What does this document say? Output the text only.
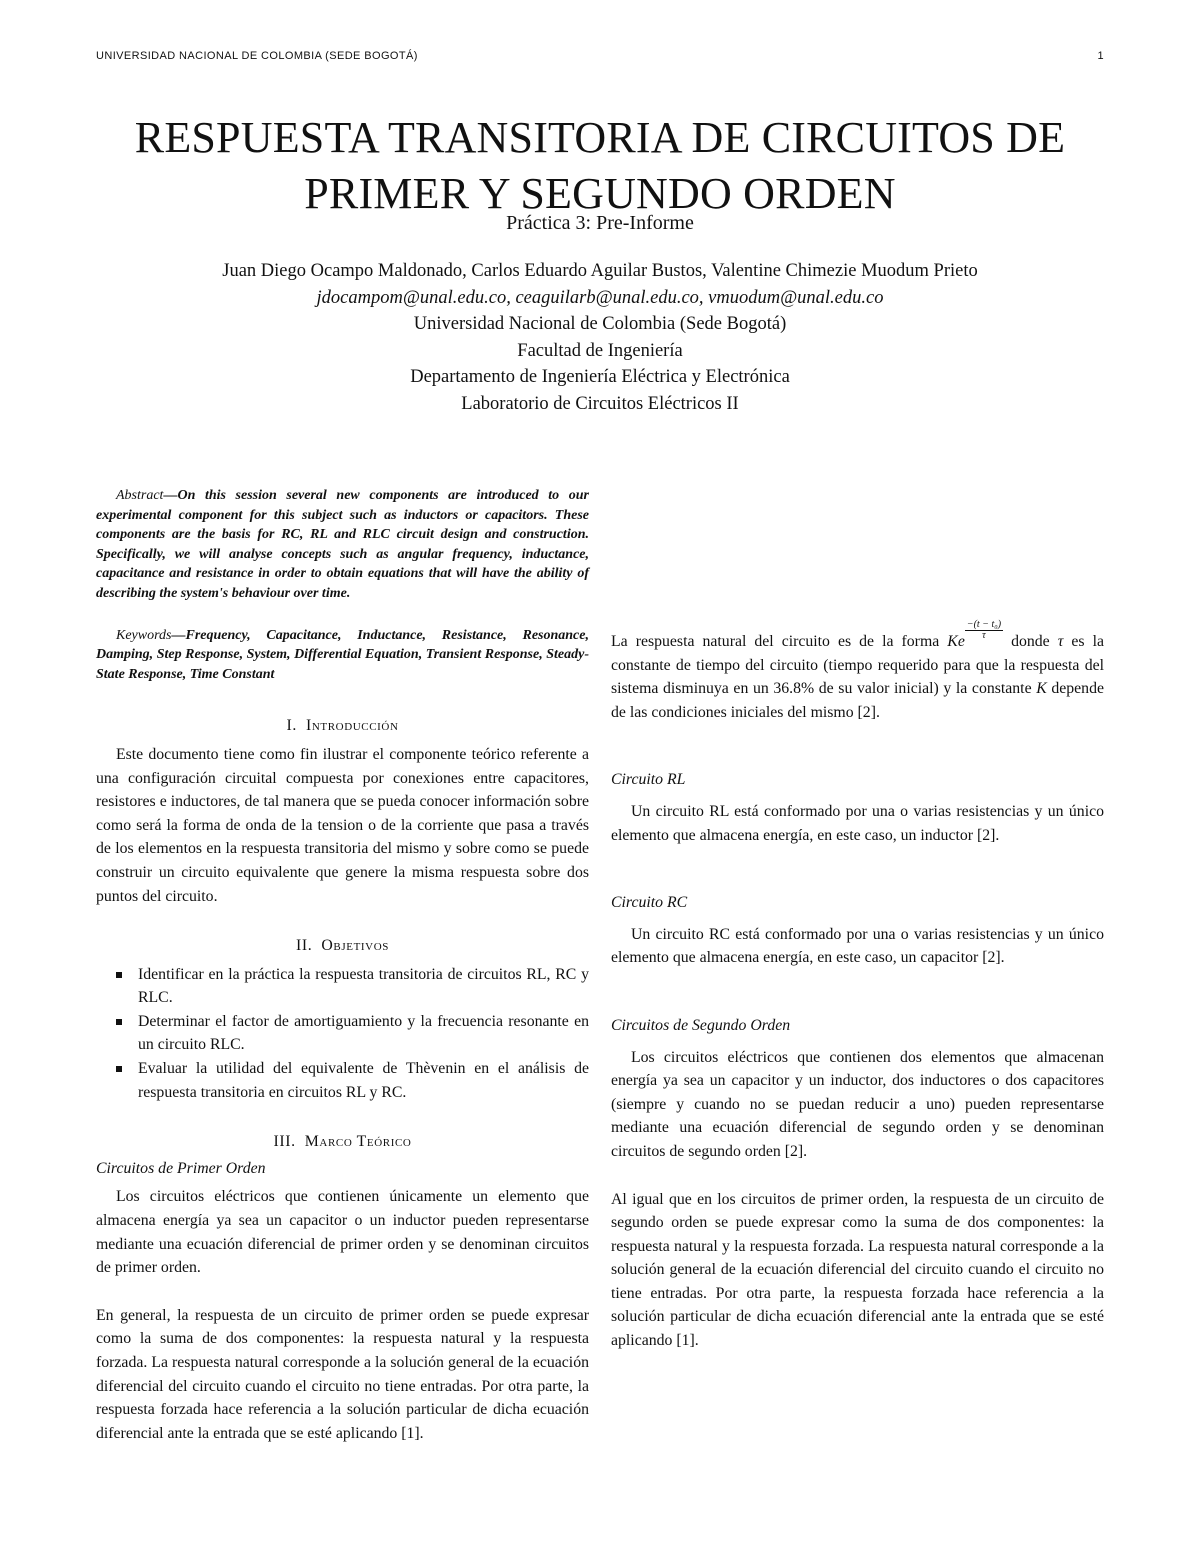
UNIVERSIDAD NACIONAL DE COLOMBIA (SEDE BOGOTÁ)	1
RESPUESTA TRANSITORIA DE CIRCUITOS DE PRIMER Y SEGUNDO ORDEN
Práctica 3: Pre-Informe
Juan Diego Ocampo Maldonado, Carlos Eduardo Aguilar Bustos, Valentine Chimezie Muodum Prieto
jdocampom@unal.edu.co, ceaguilarb@unal.edu.co, vmuodum@unal.edu.co
Universidad Nacional de Colombia (Sede Bogotá)
Facultad de Ingeniería
Departamento de Ingeniería Eléctrica y Electrónica
Laboratorio de Circuitos Eléctricos II

Abstract—On this session several new components are introduced to our experimental component for this subject such as inductors or capacitors. These components are the basis for RC, RL and RLC circuit design and construction. Specifically, we will analyse concepts such as angular frequency, inductance, capacitance and resistance in order to obtain equations that will have the ability of describing the system's behaviour over time.

Keywords—Frequency, Capacitance, Inductance, Resistance, Resonance, Damping, Step Response, System, Differential Equation, Transient Response, Steady-State Response, Time Constant

I. Introducción

Este documento tiene como fin ilustrar el componente teórico referente a una configuración circuital compuesta por conexiones entre capacitores, resistores e inductores, de tal manera que se pueda conocer información sobre como será la forma de onda de la tension o de la corriente que pasa a través de los elementos en la respuesta transitoria del mismo y sobre como se puede construir un circuito equivalente que genere la misma respuesta sobre dos puntos del circuito.

II. Objetivos
Identificar en la práctica la respuesta transitoria de circuitos RL, RC y RLC.
Determinar el factor de amortiguamiento y la frecuencia resonante en un circuito RLC.
Evaluar la utilidad del equivalente de Thèvenin en el análisis de respuesta transitoria en circuitos RL y RC.
III. Marco Teórico
Circuitos de Primer Orden

Los circuitos eléctricos que contienen únicamente un elemento que almacena energía ya sea un capacitor o un inductor pueden representarse mediante una ecuación diferencial de primer orden y se denominan circuitos de primer orden.

En general, la respuesta de un circuito de primer orden se puede expresar como la suma de dos componentes: la respuesta natural y la respuesta forzada. La respuesta natural corresponde a la solución general de la ecuación diferencial del circuito cuando el circuito no tiene entradas. Por otra parte, la respuesta forzada hace referencia a la solución particular de dicha ecuación diferencial ante la entrada que se esté aplicando [1].

La respuesta natural del circuito es de la forma Ke
$\frac{\text{−(t − t₀)}}{\tau}$
donde τ es la constante de tiempo del circuito (tiempo requerido para que la respuesta del sistema disminuya en un 36.8% de su valor inicial) y la constante K depende de las condiciones iniciales del mismo [2].

Circuito RL

Un circuito RL está conformado por una o varias resistencias y un único elemento que almacena energía, en este caso, un inductor [2].

Circuito RC

Un circuito RC está conformado por una o varias resistencias y un único elemento que almacena energía, en este caso, un capacitor [2].

Circuitos de Segundo Orden

Los circuitos eléctricos que contienen dos elementos que almacenan energía ya sea un capacitor y un inductor, dos inductores o dos capacitores (siempre y cuando no se puedan reducir a uno) pueden representarse mediante una ecuación diferencial de segundo orden y se denominan circuitos de segundo orden [2].

Al igual que en los circuitos de primer orden, la respuesta de un circuito de segundo orden se puede expresar como la suma de dos componentes: la respuesta natural y la respuesta forzada. La respuesta natural corresponde a la solución general de la ecuación diferencial del circuito cuando el circuito no tiene entradas. Por otra parte, la respuesta forzada hace referencia a la solución particular de dicha ecuación diferencial ante la entrada que se esté aplicando [1].
